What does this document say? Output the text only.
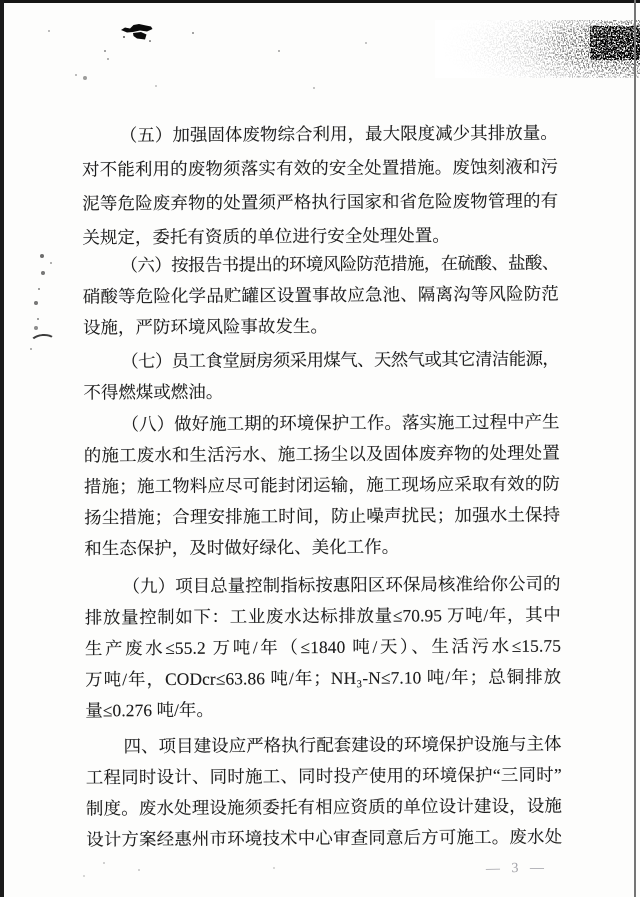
（五）加强固体废物综合利用，最大限度减少其排放量。
对不能利用的废物须落实有效的安全处置措施。废蚀刻液和污
泥等危险废弃物的处置须严格执行国家和省危险废物管理的有
关规定，委托有资质的单位进行安全处理处置。

（六）按报告书提出的环境风险防范措施，在硫酸、盐酸、
硝酸等危险化学品贮罐区设置事故应急池、隔离沟等风险防范
设施，严防环境风险事故发生。

（七）员工食堂厨房须采用煤气、天然气或其它清洁能源，
不得燃煤或燃油。

（八）做好施工期的环境保护工作。落实施工过程中产生
的施工废水和生活污水、施工扬尘以及固体废弃物的处理处置
措施；施工物料应尽可能封闭运输，施工现场应采取有效的防
扬尘措施；合理安排施工时间，防止噪声扰民；加强水土保持
和生态保护，及时做好绿化、美化工作。

（九）项目总量控制指标按惠阳区环保局核准给你公司的
排放量控制如下：工业废水达标排放量≤70.95 万吨/年，其中
生产废水≤55.2 万吨/年（≤1840 吨/天）、生活污水≤15.75
万吨/年，CODcr≤63.86 吨/年；NH₃-N≤7.10 吨/年；总铜排放
量≤0.276 吨/年。

四、项目建设应严格执行配套建设的环境保护设施与主体
工程同时设计、同时施工、同时投产使用的环境保护“三同时”
制度。废水处理设施须委托有相应资质的单位设计建设，设施
设计方案经惠州市环境技术中心审查同意后方可施工。废水处

— 3 —
